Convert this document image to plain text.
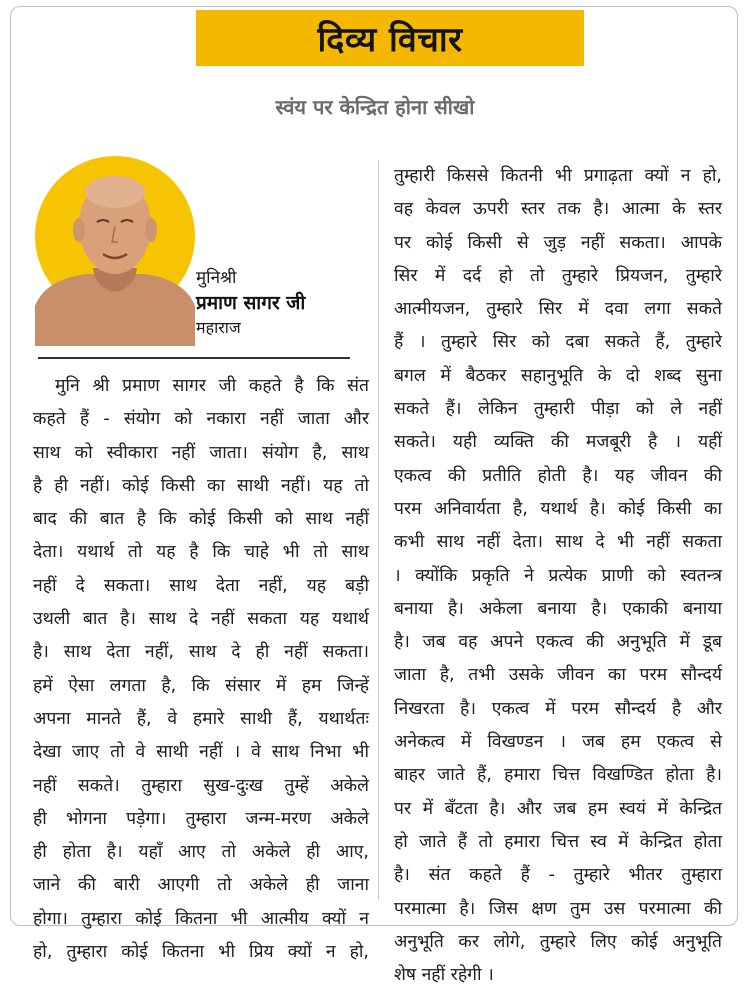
दिव्य विचार
स्वंय पर केन्द्रित होना सीखो
मुनिश्री
प्रमाण सागर जी
महाराज
मुनि श्री प्रमाण सागर जी कहते है कि संत
कहते हैं - संयोग को नकारा नहीं जाता और
साथ को स्वीकारा नहीं जाता। संयोग है, साथ
है ही नहीं। कोई किसी का साथी नहीं। यह तो
बाद की बात है कि कोई किसी को साथ नहीं
देता। यथार्थ तो यह है कि चाहे भी तो साथ
नहीं दे सकता। साथ देता नहीं, यह बड़ी
उथली बात है। साथ दे नहीं सकता यह यथार्थ
है। साथ देता नहीं, साथ दे ही नहीं सकता।
हमें ऐसा लगता है, कि संसार में हम जिन्हें
अपना मानते हैं, वे हमारे साथी हैं, यथार्थतः
देखा जाए तो वे साथी नहीं । वे साथ निभा भी
नहीं सकते। तुम्हारा सुख-दुःख तुम्हें अकेले
ही भोगना पड़ेगा। तुम्हारा जन्म-मरण अकेले
ही होता है। यहाँ आए तो अकेले ही आए,
जाने की बारी आएगी तो अकेले ही जाना
होगा। तुम्हारा कोई कितना भी आत्मीय क्यों न
हो, तुम्हारा कोई कितना भी प्रिय क्यों न हो,
तुम्हारी किससे कितनी भी प्रगाढ़ता क्यों न हो,
वह केवल ऊपरी स्तर तक है। आत्मा के स्तर
पर कोई किसी से जुड़ नहीं सकता। आपके
सिर में दर्द हो तो तुम्हारे प्रियजन, तुम्हारे
आत्मीयजन, तुम्हारे सिर में दवा लगा सकते
हैं । तुम्हारे सिर को दबा सकते हैं, तुम्हारे
बगल में बैठकर सहानुभूति के दो शब्द सुना
सकते हैं। लेकिन तुम्हारी पीड़ा को ले नहीं
सकते। यही व्यक्ति की मजबूरी है । यहीं
एकत्व की प्रतीति होती है। यह जीवन की
परम अनिवार्यता है, यथार्थ है। कोई किसी का
कभी साथ नहीं देता। साथ दे भी नहीं सकता
। क्योंकि प्रकृति ने प्रत्येक प्राणी को स्वतन्त्र
बनाया है। अकेला बनाया है। एकाकी बनाया
है। जब वह अपने एकत्व की अनुभूति में डूब
जाता है, तभी उसके जीवन का परम सौन्दर्य
निखरता है। एकत्व में परम सौन्दर्य है और
अनेकत्व में विखण्डन । जब हम एकत्व से
बाहर जाते हैं, हमारा चित्त विखण्डित होता है।
पर में बँटता है। और जब हम स्वयं में केन्द्रित
हो जाते हैं तो हमारा चित्त स्व में केन्द्रित होता
है। संत कहते हैं - तुम्हारे भीतर तुम्हारा
परमात्मा है। जिस क्षण तुम उस परमात्मा की
अनुभूति कर लोगे, तुम्हारे लिए कोई अनुभूति
शेष नहीं रहेगी ।
